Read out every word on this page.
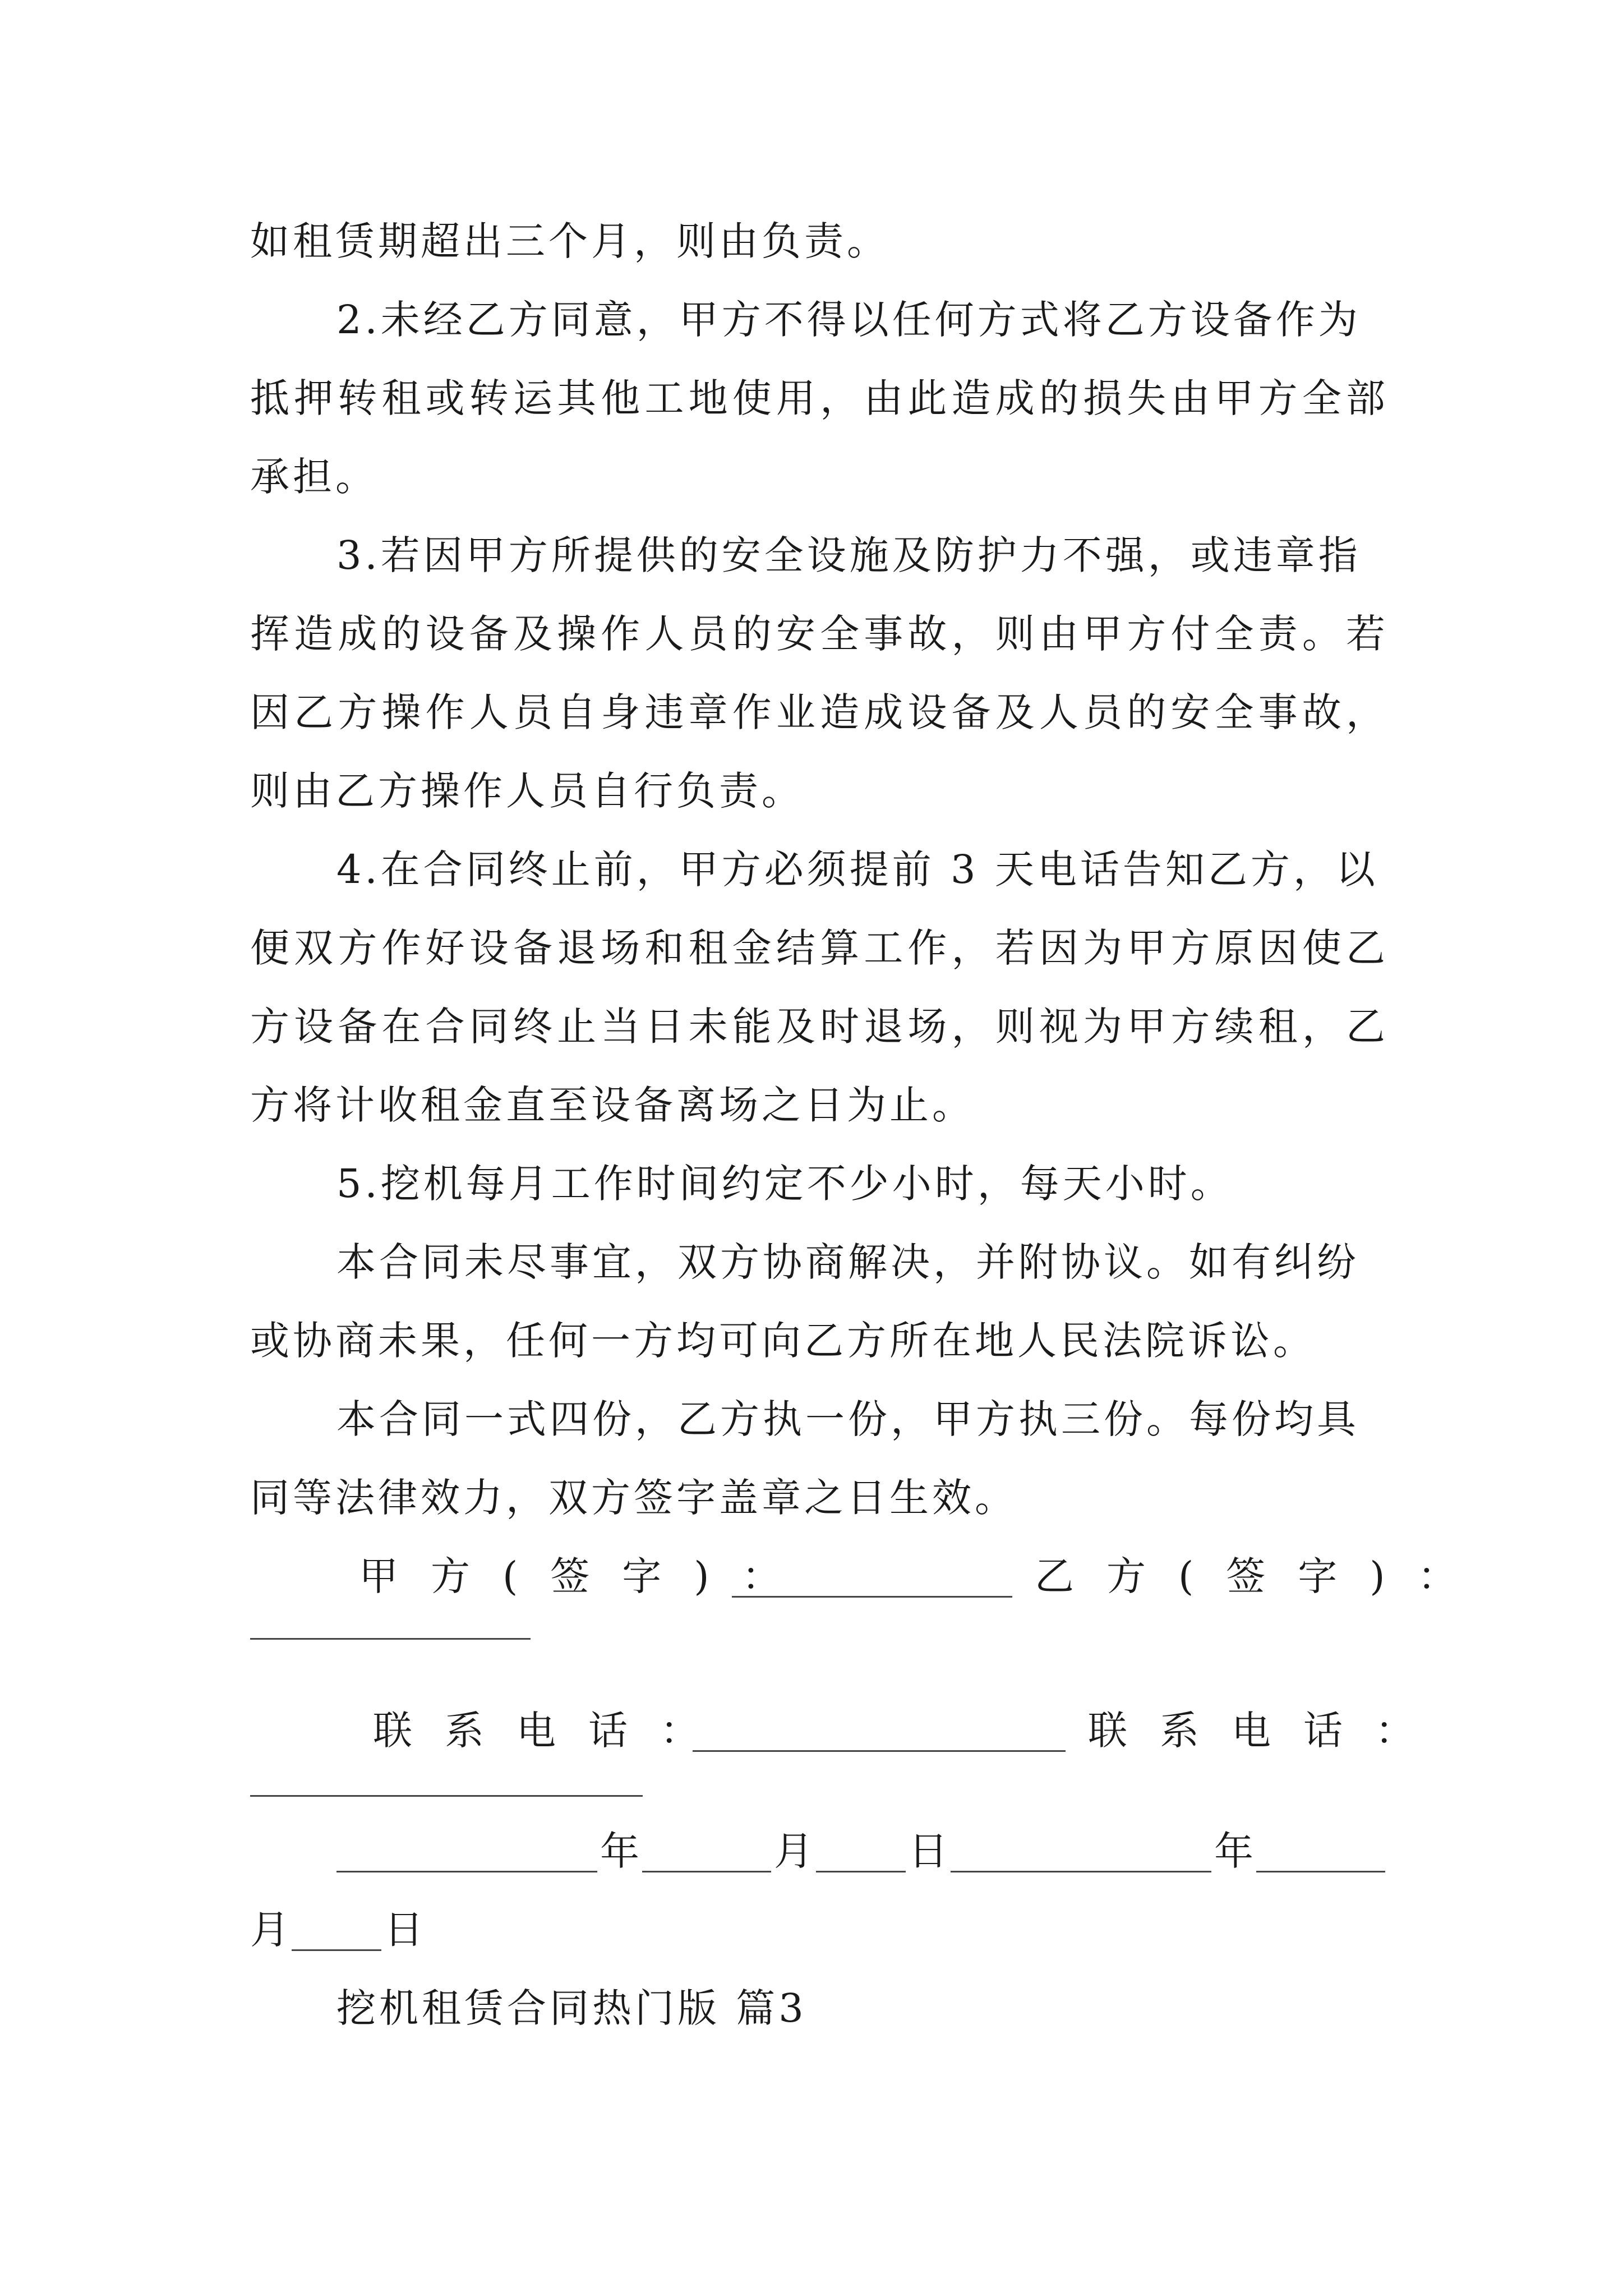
如租赁期超出三个月，则由负责。
2.未经乙方同意，甲方不得以任何方式将乙方设备作为
抵押转租或转运其他工地使用，由此造成的损失由甲方全部
承担。
3.若因甲方所提供的安全设施及防护力不强，或违章指
挥造成的设备及操作人员的安全事故，则由甲方付全责。若
因乙方操作人员自身违章作业造成设备及人员的安全事故，
则由乙方操作人员自行负责。
4.在合同终止前，甲方必须提前 3 天电话告知乙方，以
便双方作好设备退场和租金结算工作，若因为甲方原因使乙
方设备在合同终止当日未能及时退场，则视为甲方续租，乙
方将计收租金直至设备离场之日为止。
5.挖机每月工作时间约定不少小时，每天小时。
本合同未尽事宜，双方协商解决，并附协议。如有纠纷
或协商未果，任何一方均可向乙方所在地人民法院诉讼。
本合同一式四份，乙方执一份，甲方执三份。每份均具
同等法律效力，双方签字盖章之日生效。
甲方(签字)：	乙方(签字)：
联系电话：	联系电话：
年	月 日	年
月 日
挖机租赁合同热门版 篇3
